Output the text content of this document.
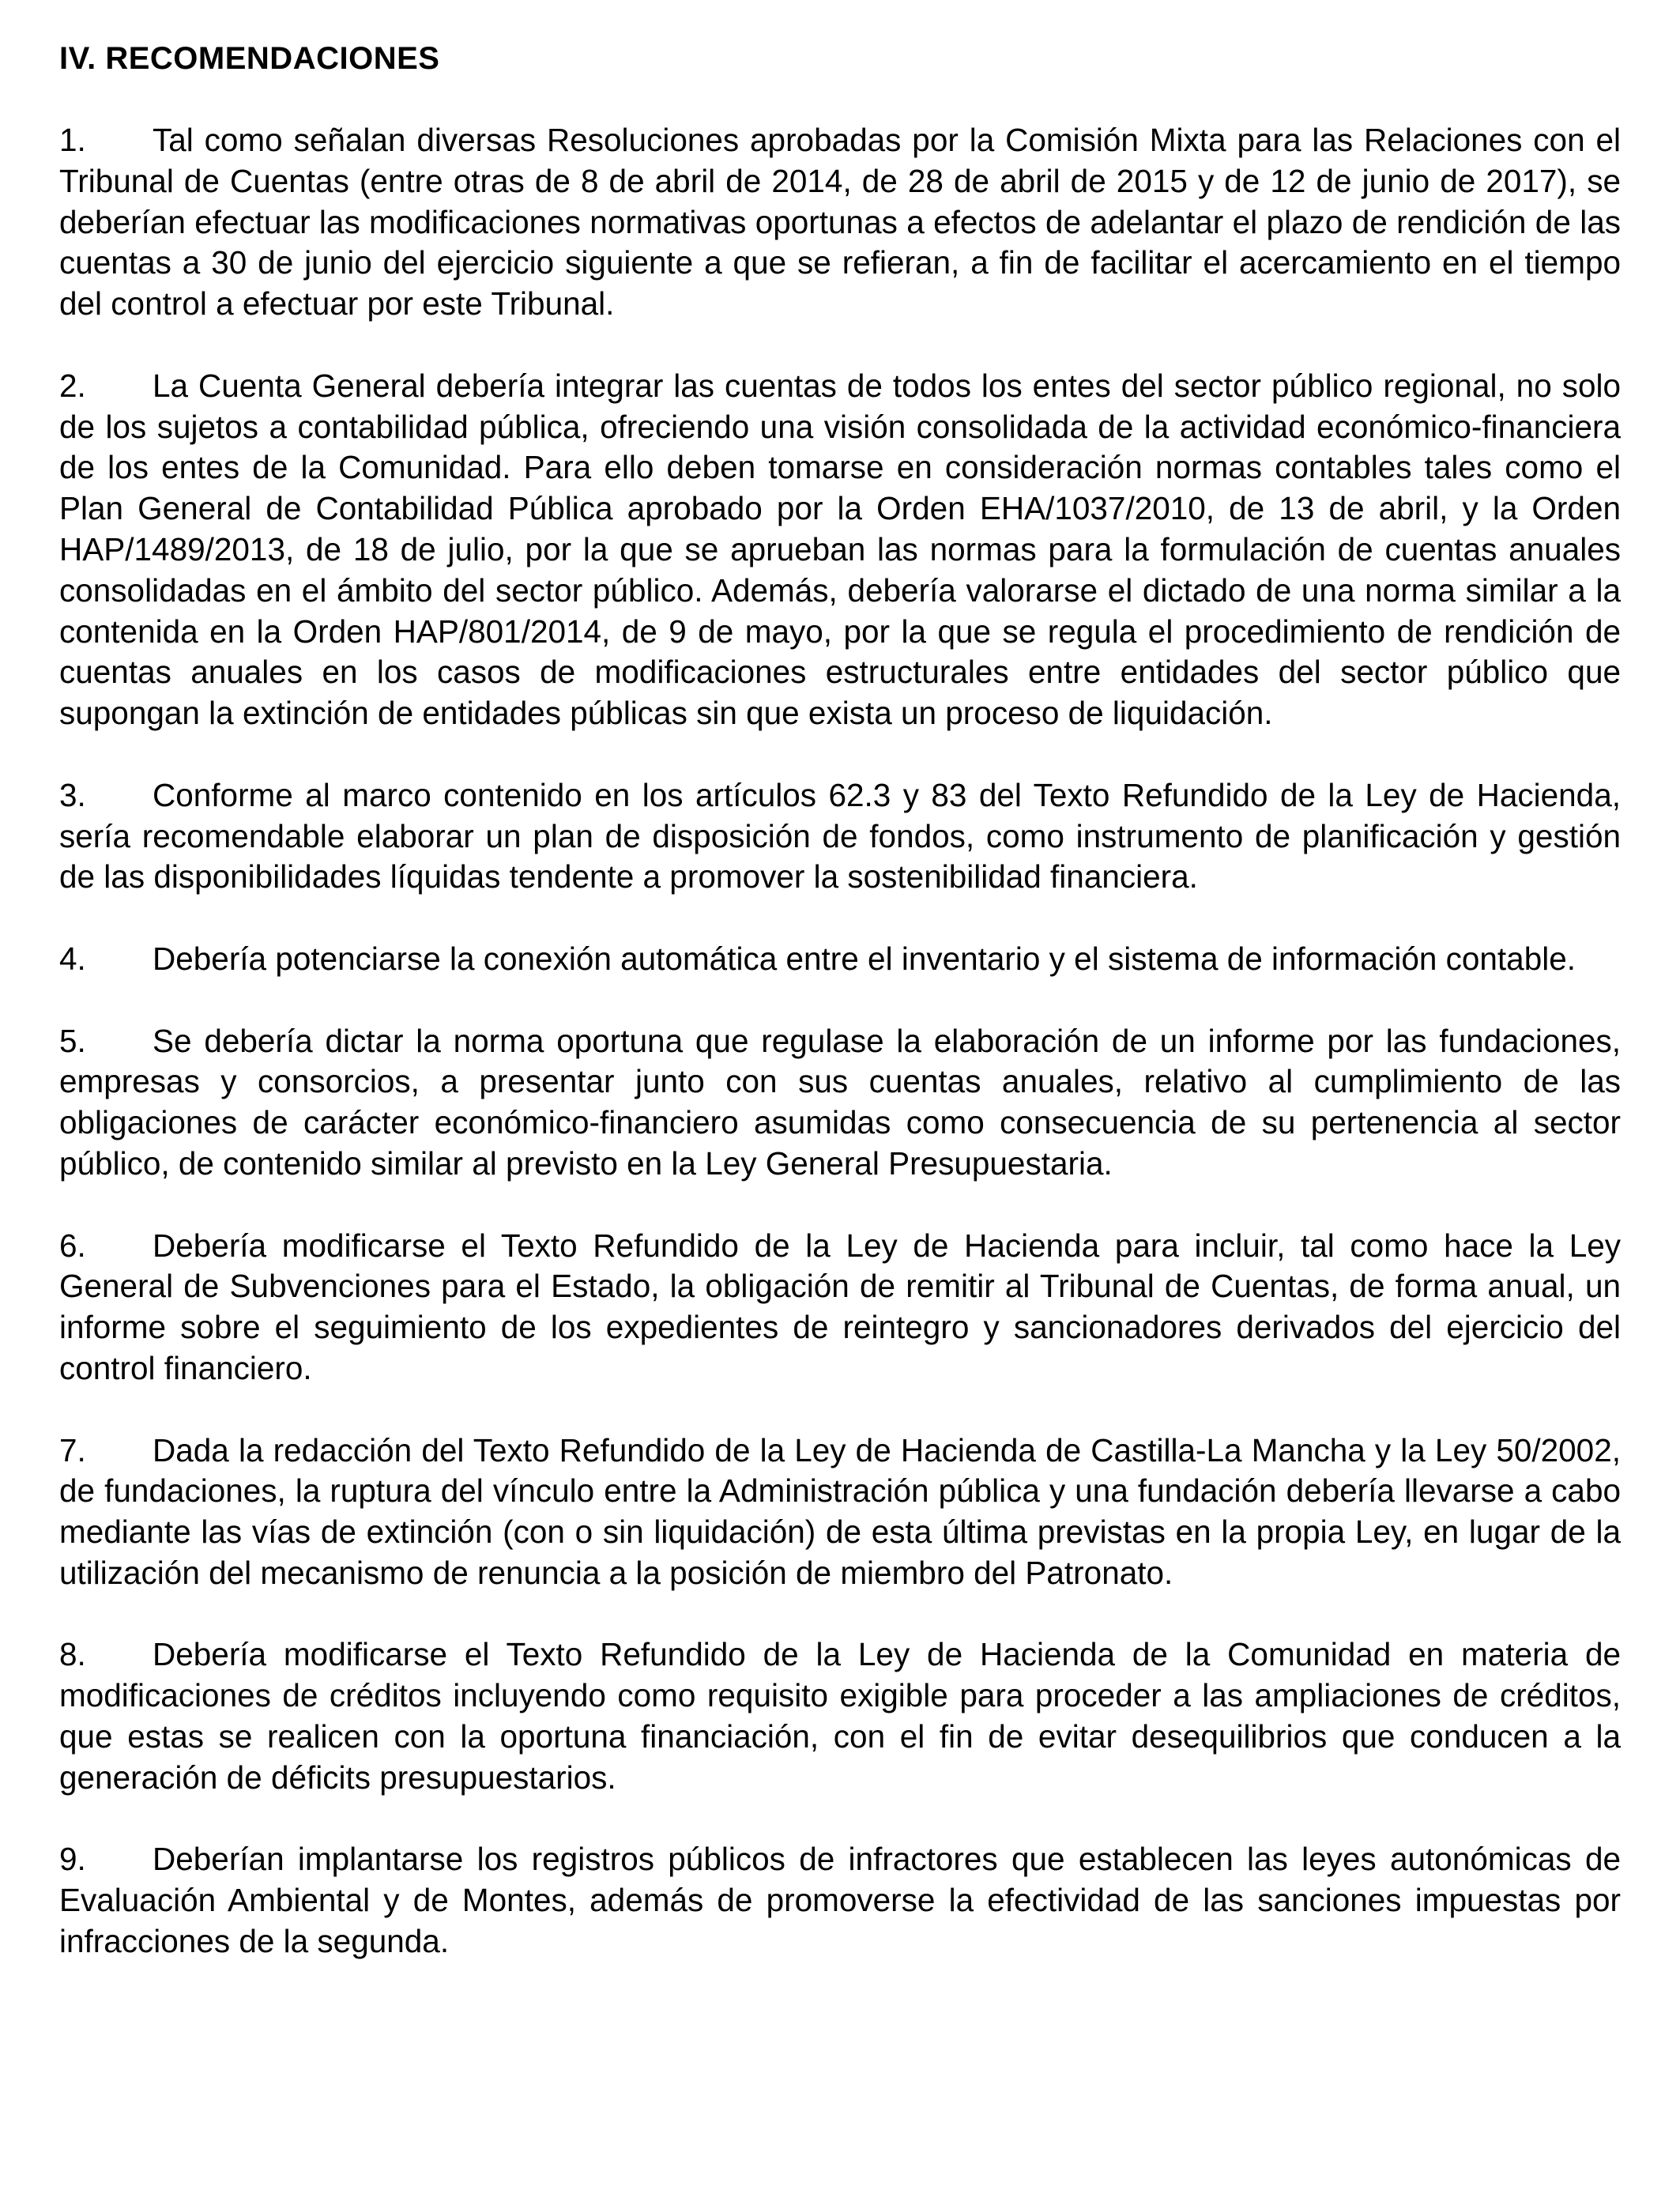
IV. RECOMENDACIONES

1. Tal como señalan diversas Resoluciones aprobadas por la Comisión Mixta para las Relaciones con el Tribunal de Cuentas (entre otras de 8 de abril de 2014, de 28 de abril de 2015 y de 12 de junio de 2017), se deberían efectuar las modificaciones normativas oportunas a efectos de adelantar el plazo de rendición de las cuentas a 30 de junio del ejercicio siguiente a que se refieran, a fin de facilitar el acercamiento en el tiempo del control a efectuar por este Tribunal.

2. La Cuenta General debería integrar las cuentas de todos los entes del sector público regional, no solo de los sujetos a contabilidad pública, ofreciendo una visión consolidada de la actividad económico-financiera de los entes de la Comunidad. Para ello deben tomarse en consideración normas contables tales como el Plan General de Contabilidad Pública aprobado por la Orden EHA/1037/2010, de 13 de abril, y la Orden HAP/1489/2013, de 18 de julio, por la que se aprueban las normas para la formulación de cuentas anuales consolidadas en el ámbito del sector público. Además, debería valorarse el dictado de una norma similar a la contenida en la Orden HAP/801/2014, de 9 de mayo, por la que se regula el procedimiento de rendición de cuentas anuales en los casos de modificaciones estructurales entre entidades del sector público que supongan la extinción de entidades públicas sin que exista un proceso de liquidación.

3. Conforme al marco contenido en los artículos 62.3 y 83 del Texto Refundido de la Ley de Hacienda, sería recomendable elaborar un plan de disposición de fondos, como instrumento de planificación y gestión de las disponibilidades líquidas tendente a promover la sostenibilidad financiera.

4. Debería potenciarse la conexión automática entre el inventario y el sistema de información contable.

5. Se debería dictar la norma oportuna que regulase la elaboración de un informe por las fundaciones, empresas y consorcios, a presentar junto con sus cuentas anuales, relativo al cumplimiento de las obligaciones de carácter económico-financiero asumidas como consecuencia de su pertenencia al sector público, de contenido similar al previsto en la Ley General Presupuestaria.

6. Debería modificarse el Texto Refundido de la Ley de Hacienda para incluir, tal como hace la Ley General de Subvenciones para el Estado, la obligación de remitir al Tribunal de Cuentas, de forma anual, un informe sobre el seguimiento de los expedientes de reintegro y sancionadores derivados del ejercicio del control financiero.

7. Dada la redacción del Texto Refundido de la Ley de Hacienda de Castilla-La Mancha y la Ley 50/2002, de fundaciones, la ruptura del vínculo entre la Administración pública y una fundación debería llevarse a cabo mediante las vías de extinción (con o sin liquidación) de esta última previstas en la propia Ley, en lugar de la utilización del mecanismo de renuncia a la posición de miembro del Patronato.

8. Debería modificarse el Texto Refundido de la Ley de Hacienda de la Comunidad en materia de modificaciones de créditos incluyendo como requisito exigible para proceder a las ampliaciones de créditos, que estas se realicen con la oportuna financiación, con el fin de evitar desequilibrios que conducen a la generación de déficits presupuestarios.

9. Deberían implantarse los registros públicos de infractores que establecen las leyes autonómicas de Evaluación Ambiental y de Montes, además de promoverse la efectividad de las sanciones impuestas por infracciones de la segunda.
